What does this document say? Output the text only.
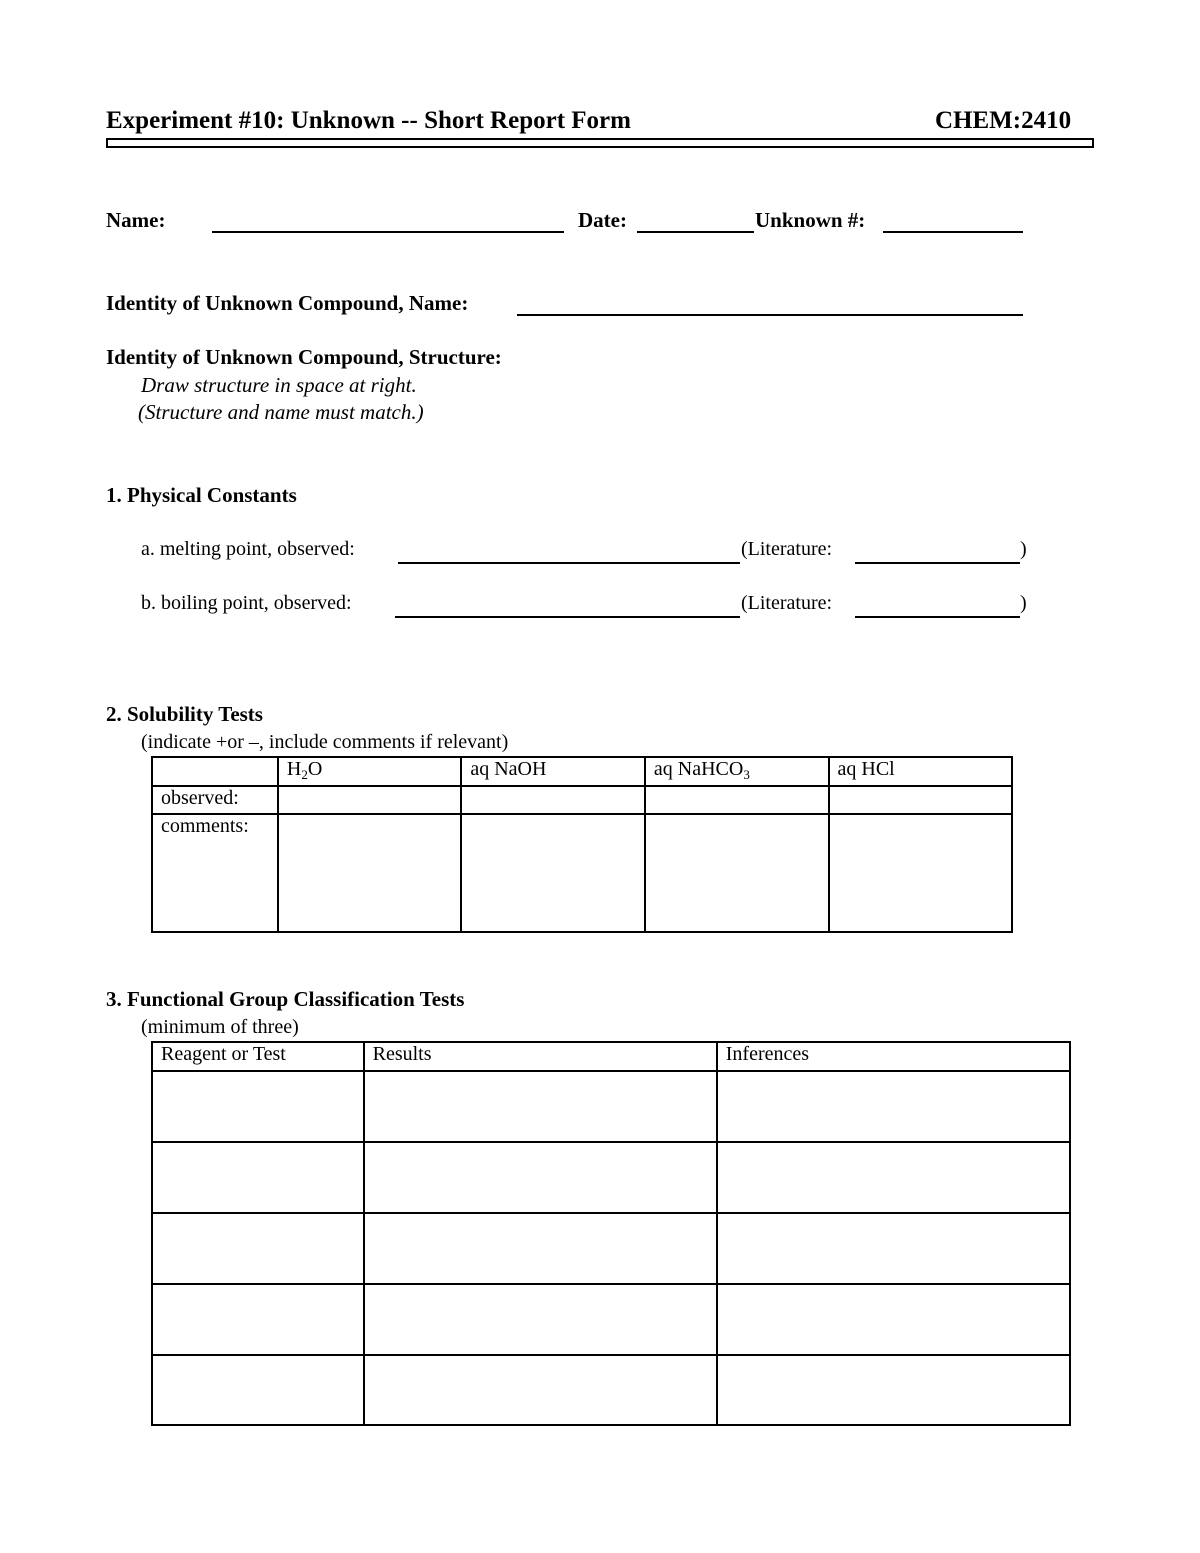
Experiment #10: Unknown -- Short Report Form	CHEM:2410
Name:	Date:	Unknown #:
Identity of Unknown Compound, Name:
Identity of Unknown Compound, Structure:
Draw structure in space at right.
(Structure and name must match.)
1. Physical Constants
a. melting point, observed:	(Literature:	)
b. boiling point, observed:	(Literature:	)
2. Solubility Tests
(indicate +or –, include comments if relevant)
	$H_2O$	aq NaOH	aq NaHCO$_3$	aq HCl
observed:				
comments:				
3. Functional Group Classification Tests
(minimum of three)
Reagent or Test	Results	Inferences
